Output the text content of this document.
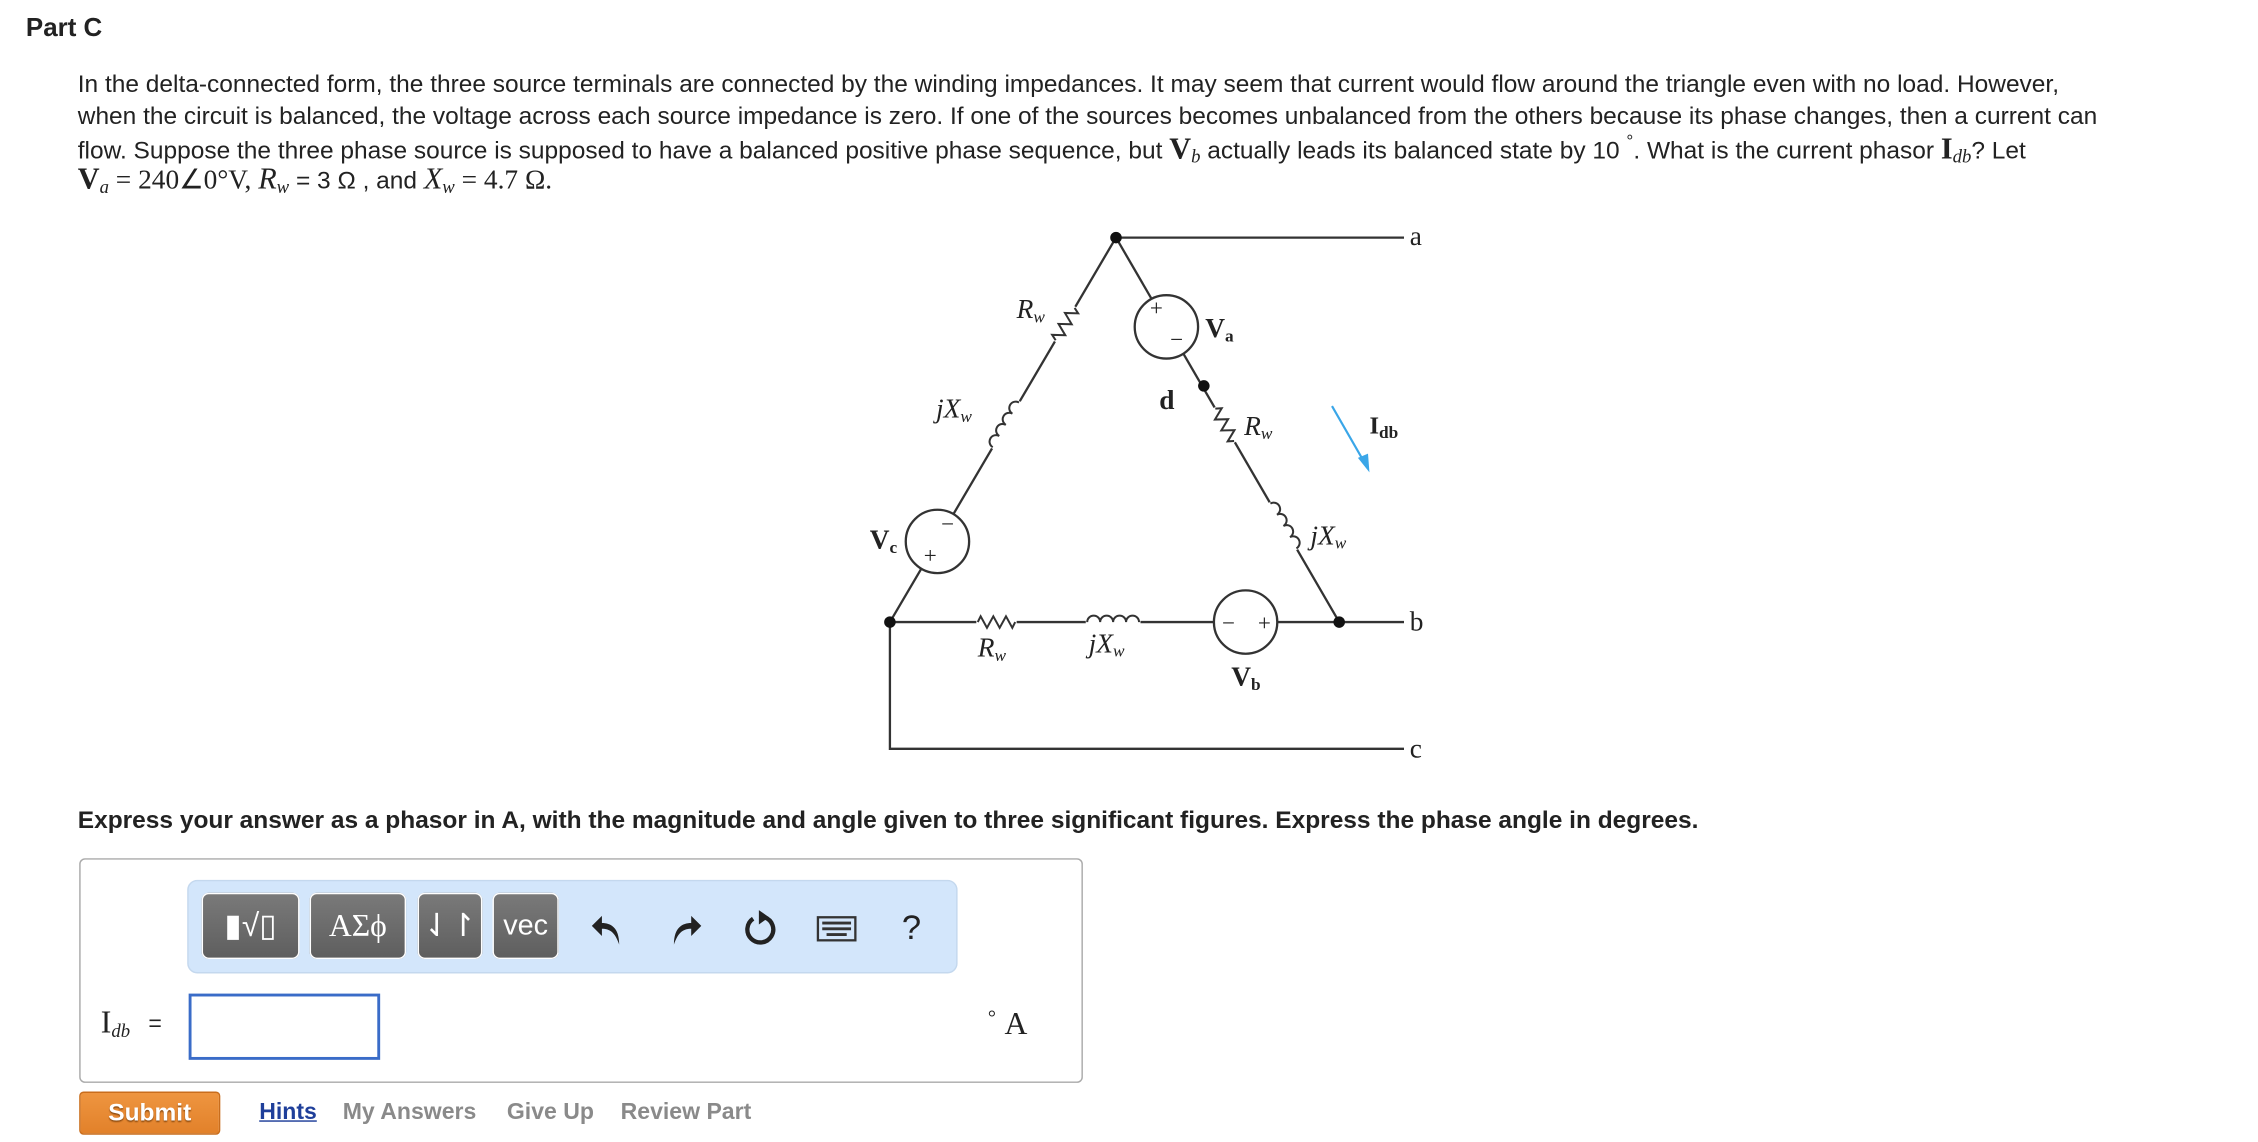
Part C
In the delta-connected form, the three source terminals are connected by the winding impedances. It may seem that current would flow around the triangle even with no load. However,
when the circuit is balanced, the voltage across each source impedance is zero. If one of the sources becomes unbalanced from the others because its phase changes, then a current can
flow. Suppose the three phase source is supposed to have a balanced positive phase sequence, but $V_b$ actually leads its balanced state by 10 °. What is the current phasor $I_{db}$? Let
$V_a$ = 240∠0°V, $R_w = 3$ Ω , and $X_w = 4.7$ Ω.
a
b
c
d
Rw
jXw	Rw
jXw
Rw	jXw
Va
Vb
Vc
Idb
+
−
−
+
− +
Express your answer as a phasor in A, with the magnitude and angle given to three significant figures. Express the phase angle in degrees.
▮√▯	ΑΣϕ	⇃↾	vec	?
$I_{db}$ =	° A
Submit	Hints My Answers Give Up Review Part
